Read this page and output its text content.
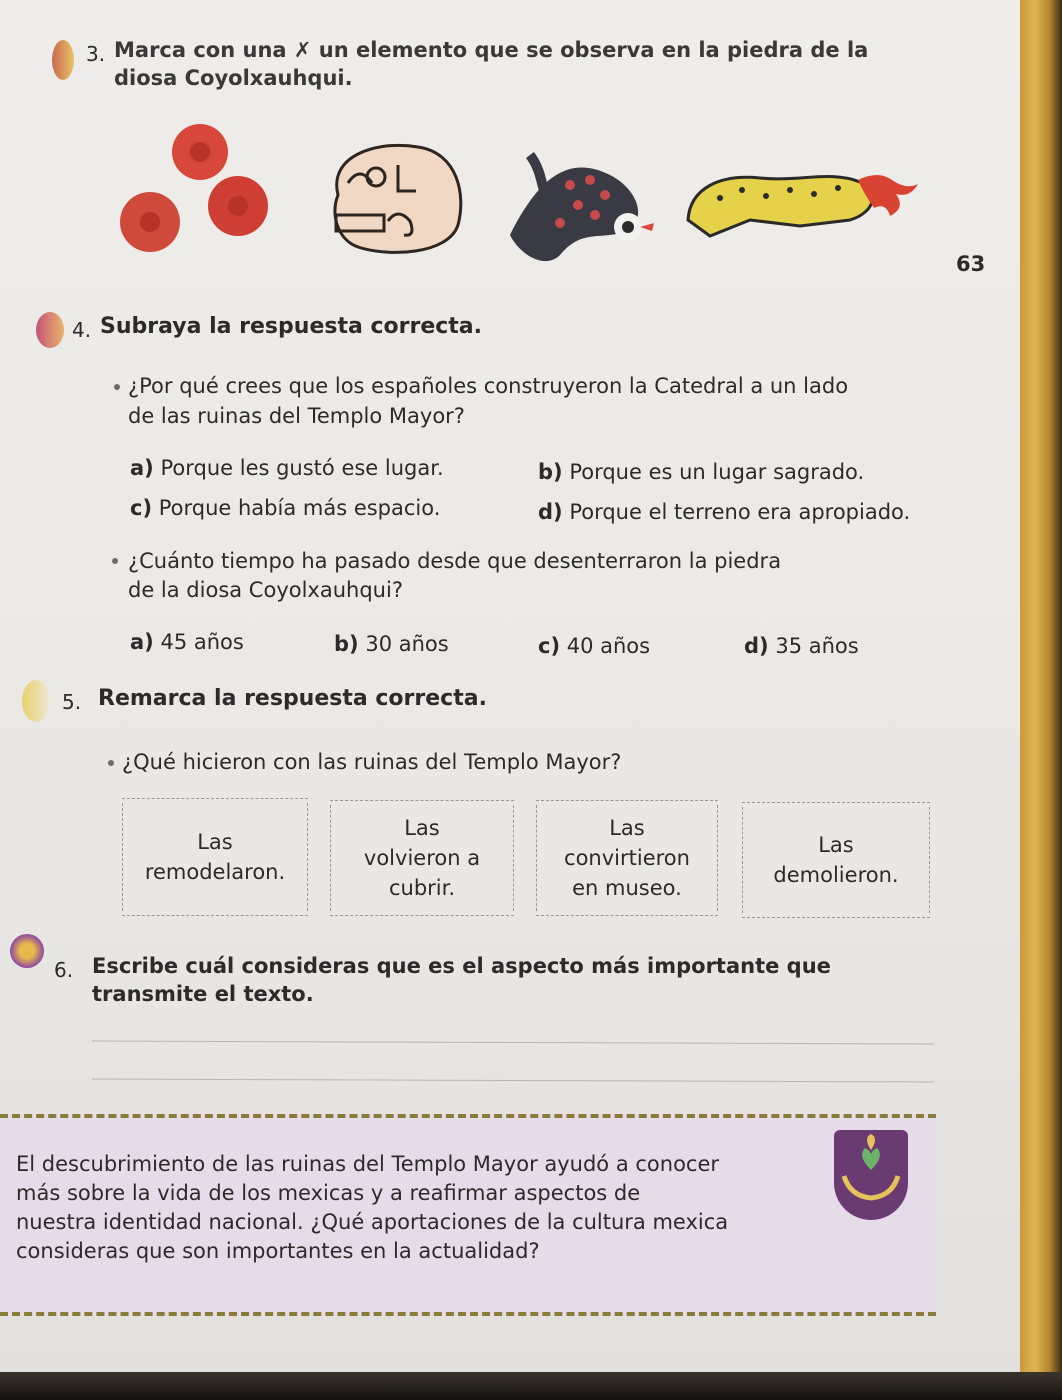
3. Marca con una ✗ un elemento que se observa en la piedra de la
diosa Coyolxauhqui.
63
4. Subraya la respuesta correcta.
¿Por qué crees que los españoles construyeron la Catedral a un lado
de las ruinas del Templo Mayor?
a) Porque les gustó ese lugar.	b) Porque es un lugar sagrado.
c) Porque había más espacio.	d) Porque el terreno era apropiado.
¿Cuánto tiempo ha pasado desde que desenterraron la piedra
de la diosa Coyolxauhqui?
a) 45 años	b) 30 años	c) 40 años	d) 35 años
5. Remarca la respuesta correcta.
¿Qué hicieron con las ruinas del Templo Mayor?
Las
remodelaron.
Las
volvieron a
cubrir.
Las
convirtieron
en museo.
Las
demolieron.
6. Escribe cuál consideras que es el aspecto más importante que
transmite el texto.
El descubrimiento de las ruinas del Templo Mayor ayudó a conocer
más sobre la vida de los mexicas y a reafirmar aspectos de
nuestra identidad nacional. ¿Qué aportaciones de la cultura mexica
consideras que son importantes en la actualidad?
